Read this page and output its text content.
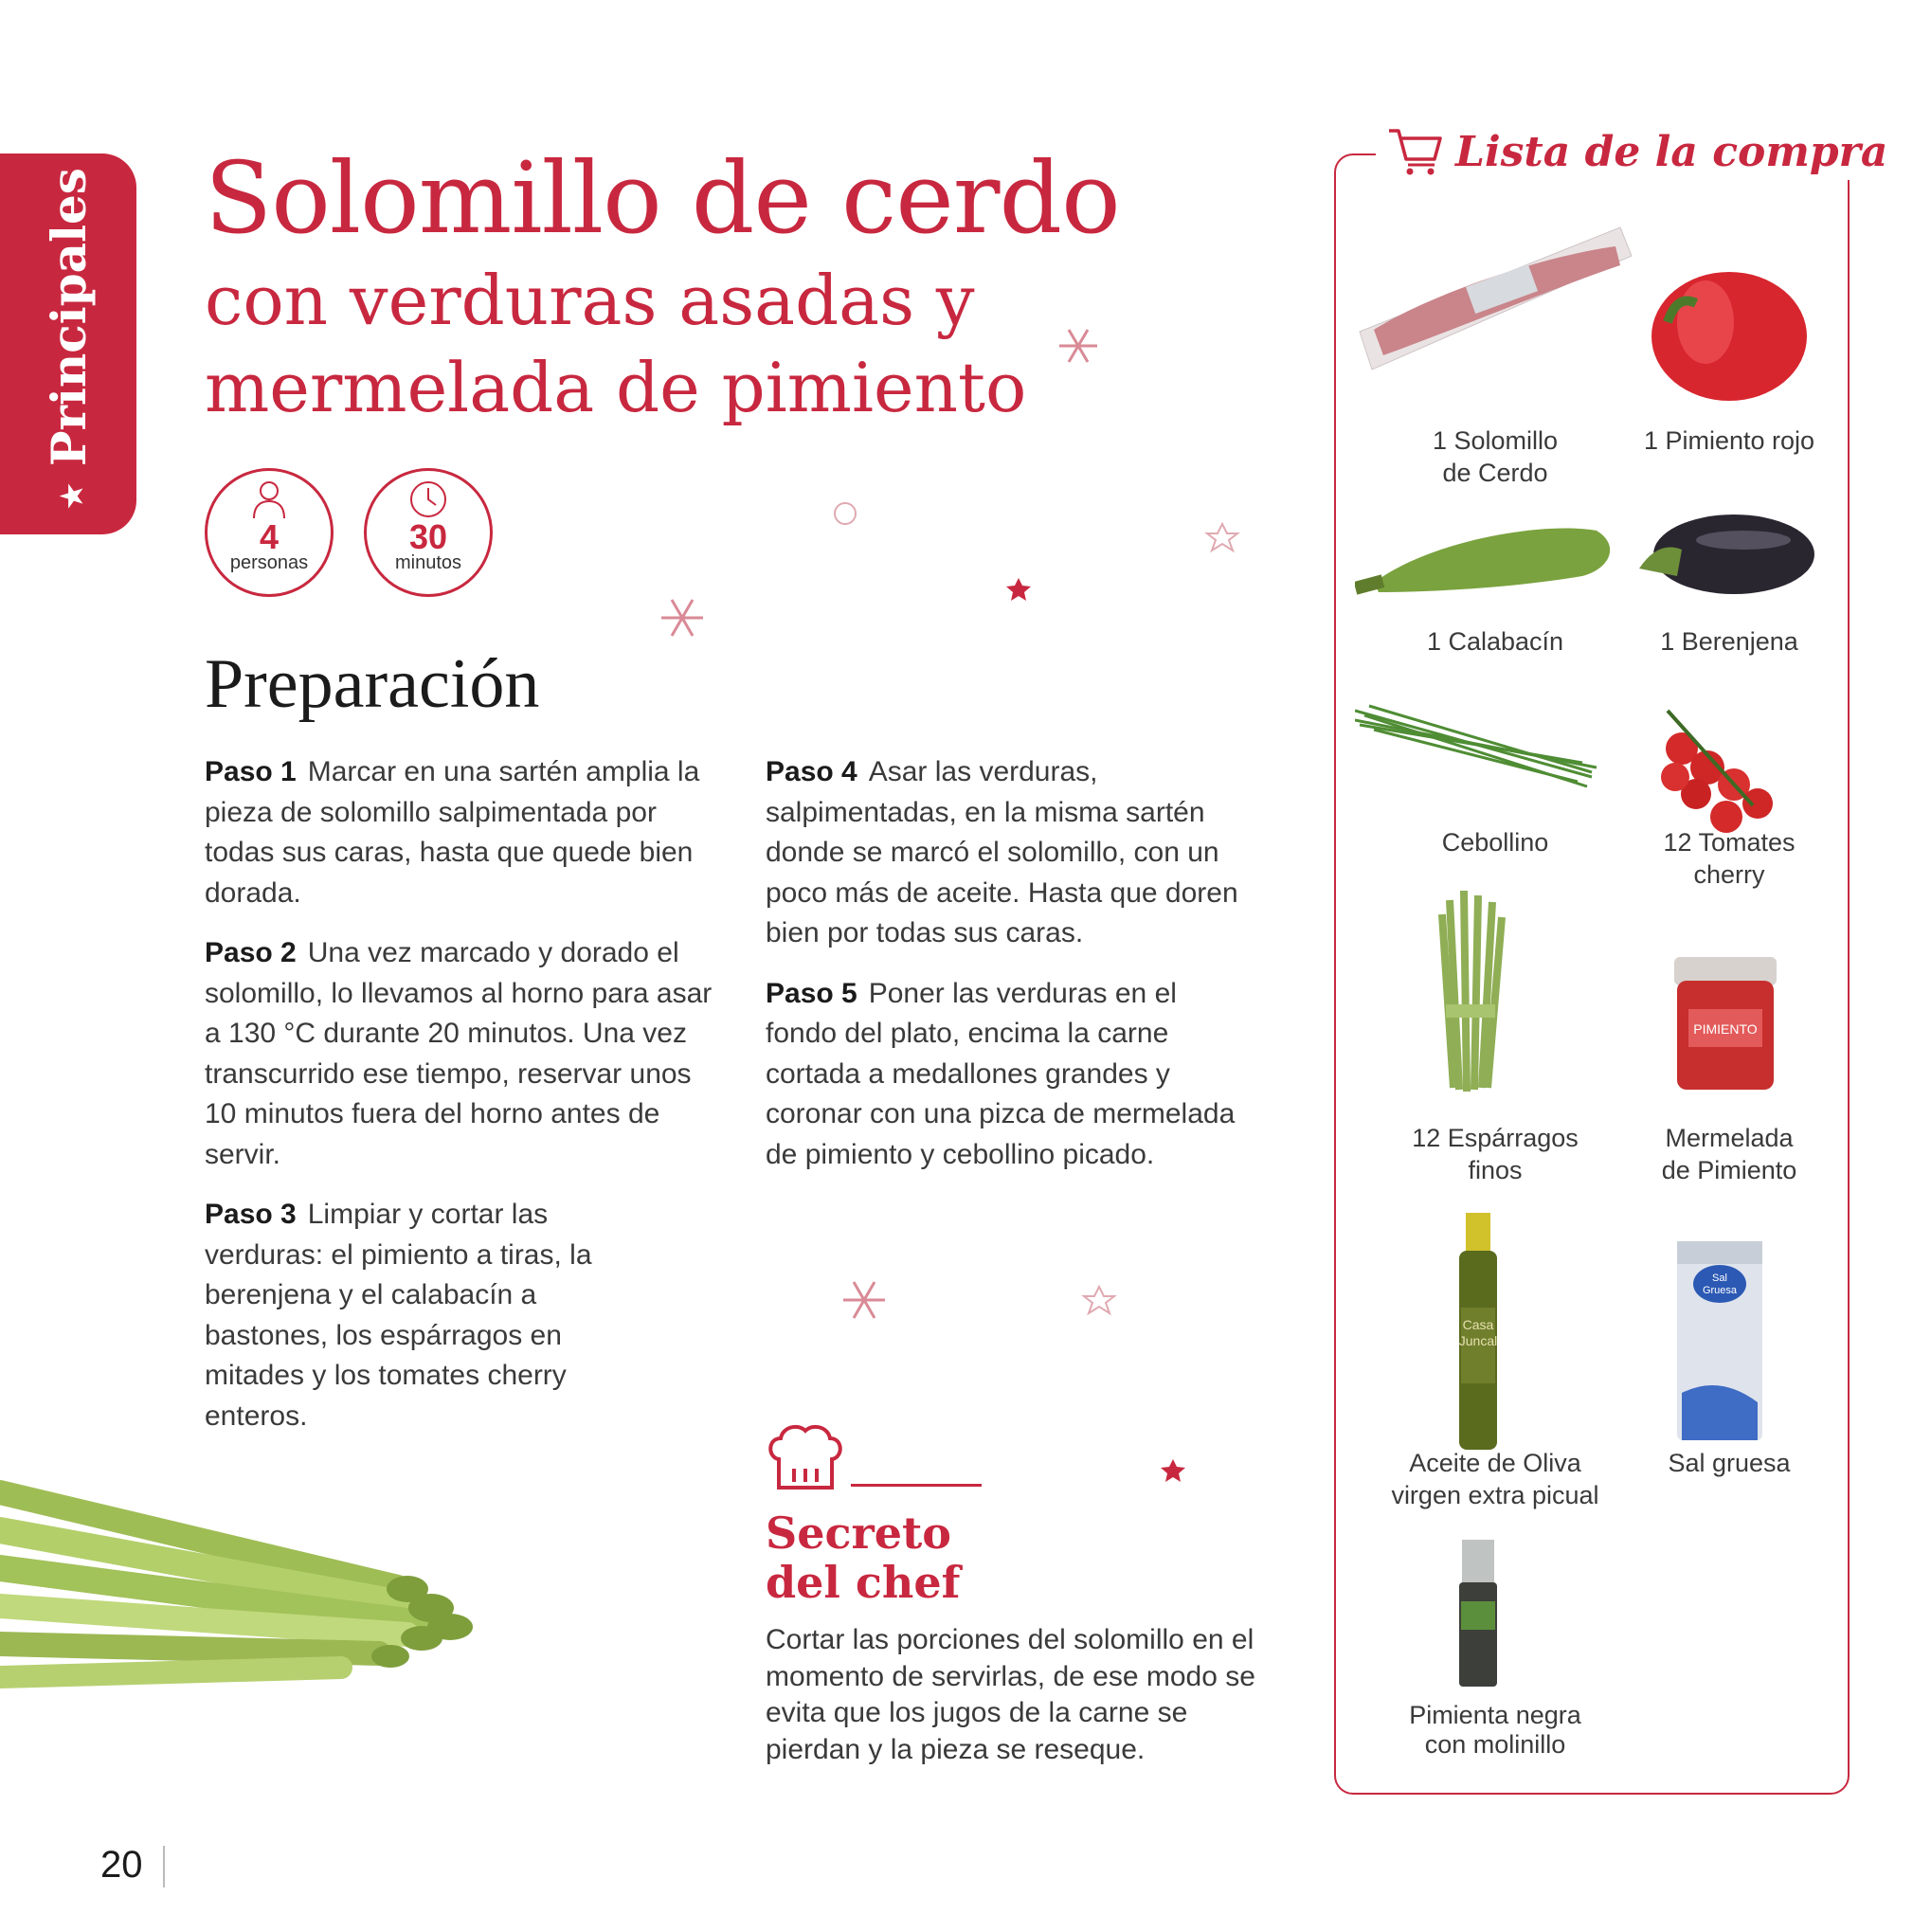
★Principales Solomillo de cerdo
con verduras asadas y
mermelada de pimiento
4
personas
30
minutos
Preparación

Paso 1 Marcar en una sartén amplia la pieza de solomillo salpimentada por todas sus caras, hasta que quede bien dorada.

Paso 2 Una vez marcado y dorado el solomillo, lo llevamos al horno para asar a 130 °C durante 20 minutos. Una vez transcurrido ese tiempo, reservar unos 10 minutos fuera del horno antes de servir.

Paso 3 Limpiar y cortar las verduras: el pimiento a tiras, la berenjena y el calabacín a bastones, los espárragos en mitades y los tomates cherry enteros.

Paso 4 Asar las verduras, salpimentadas, en la misma sartén donde se marcó el solomillo, con un poco más de aceite. Hasta que doren bien por todas sus caras.

Paso 5 Poner las verduras en el fondo del plato, encima la carne cortada a medallones grandes y coronar con una pizca de mermelada de pimiento y cebollino picado.

Secreto
del chef
Cortar las porciones del solomillo en el momento de servirlas, de ese modo se evita que los jugos de la carne se pierdan y la pieza se reseque.
Lista de la compra
PIMIENTO
Casa
Juncal
Sal
Gruesa
1 Solomillo
de Cerdo
1 Pimiento rojo
1 Calabacín	1 Berenjena
Cebollino	12 Tomates
cherry
12 Espárragos
finos
Mermelada
de Pimiento
Aceite de Oliva
virgen extra picual
Sal gruesa
Pimienta negra
con molinillo
20
